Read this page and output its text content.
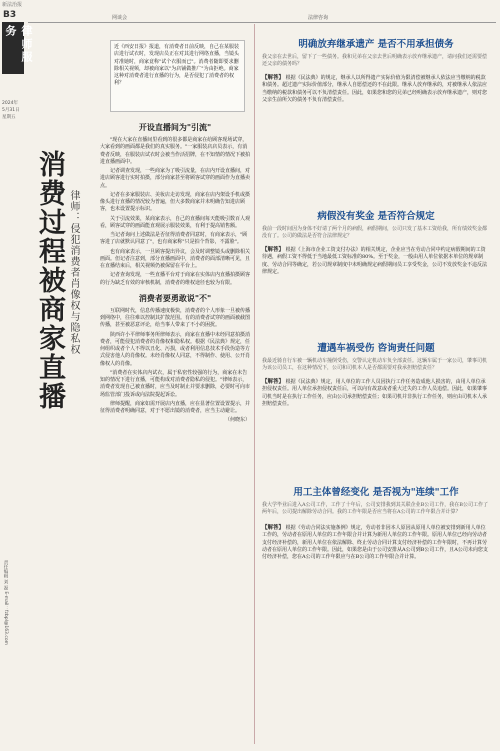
新法治报
B3
律师服务
2024年
5月31日
星期五
网谈会	法律咨询
消费过程被商家直播 律师：侵犯消费者肖像权与隐私权
近《西安日报》报道，有消费者日前反映，自己在某服装店进行试衣时，发现店员正在对其进行网络直播，当镜头对准她时，商家竟称"试个衣服而已"。消费者随即要求删除相关视频，却被商家以"为店铺做推广"为由拒绝。商家这种对消费者进行直播的行为，是否侵犯了消费者的权利？
开设直播间为"引流"

"现在大家在直播间里看到的很多都是商家在给顾客现场试穿，大家看到的画面都是我们的真实服务。"一家服装店店员表示，有消费者反映，在服装店试衣时会被当作活招牌，在不知情的情况下被拍进直播画面中。

记者调查发现，一些商家为了吸引流量，在店内开设直播间，对进店顾客进行实时拍摄，部分商家甚至将顾客试穿的画面作为直播卖点。

记者在多家服装店、美妆店走访发现，商家在店内架设手机或摄像头进行直播的情况较为普遍，但大多数商家并未明确告知进店顾客，也未设置提示标识。

关于引流效果，某商家表示，自己的直播间每天能吸引数百人观看，顾客试穿的画面能直观展示服装效果，有利于提高销售额。

当记者询问上述做法是否征得消费者同意时，有商家表示，"顾客进了店就默认同意了"，也有商家称"只是拍个背影，不露脸"。

也有商家表示，一旦顾客提出异议，会及时调整镜头或删除相关画面。但记者注意到，部分直播画面中，消费者的面部清晰可见，且在直播结束后，相关视频仍被保留在平台上。

记者查询发现，一些直播平台对于商家在实体店内直播拍摄顾客的行为缺乏有效的审核机制，消费者的维权途径也较为有限。

消费者要勇敢说"不"

互联网时代，信息传播速度极快，消费者的个人形象一旦被传播到网络中，往往难以控制其扩散范围。有的消费者试穿的画面被截图传播，甚至被恶意评论，给当事人带来了不小的困扰。

陕西许小平律师事务所律师表示，商家在直播中未经同意拍摄消费者，可能侵犯消费者的肖像权和隐私权。根据《民法典》规定，任何组织或者个人不得以丑化、污损，或者利用信息技术手段伪造等方式侵害他人的肖像权。未经肖像权人同意，不得制作、使用、公开肖像权人的肖像。

"消费者在实体店内试衣，属于私密性较强的行为，商家在未告知的情况下进行直播，可能构成对消费者隐私的侵犯。"律师表示，消费者发现自己被直播时，应当及时制止并要求删除，必要时可向市场监管部门投诉或向法院提起诉讼。

律师提醒，商家如需开展店内直播，应在显著位置设置提示，并征得消费者明确同意，对于不愿出镜的消费者，应当主动避让。

（何晓东）
责任编辑 刘 磊 E-mail：fzbpl@163.com
明确放弃继承遗产 是否不用承担债务
我父亲在去世后，留下了一些债务。我和兄弟在父亲去世后明确表示放弃继承遗产，请问我们还需要偿还父亲的债务吗？
【解答】 根据《民法典》的规定，继承人以所得遗产实际价值为限清偿被继承人依法应当缴纳的税款和债务。超过遗产实际价值部分，继承人自愿偿还的不在此限。继承人放弃继承的，对被继承人依法应当缴纳的税款和债务可以不负清偿责任。因此，如果您和您的兄弟已经明确表示放弃继承遗产，则对您父亲生前所欠的债务不负有清偿责任。
病假没有奖金 是否符合规定
我前一段时间因为身体不好请了两个月的病假，病假期间，公司只发了基本工资给我，所有绩效奖金都没有了。公司的做法是否符合法律规定？
【解答】 根据《上海市企业工资支付办法》的相关规定，企业应当在劳动合同中约定病假期间的工资待遇，病假工资不得低于当地最低工资标准的80%。至于奖金，一般由用人单位依据本单位的规章制度、劳动合同等确定，若公司规章制度中未明确规定病假期间员工享受奖金，公司不发放奖金不违反法律规定。
遭遇车祸受伤 咨询责任问题
我最近骑自行车被一辆机动车撞倒受伤，交警认定机动车负全部责任。这辆车属于一家公司，肇事司机为该公司员工，在这种情况下，公司和司机本人是否都需要对我承担赔偿责任？
【解答】 根据《民法典》规定，用人单位的工作人员因执行工作任务造成他人损害的，由用人单位承担侵权责任。用人单位承担侵权责任后，可以向有故意或者重大过失的工作人员追偿。因此，如果肇事司机当时是在执行工作任务，应由公司承担赔偿责任；如果司机并非执行工作任务，则应由司机本人承担赔偿责任。
用工主体曾经变化 是否视为"连续"工作
我大学毕业后进入A公司工作，工作了十年后，公司安排我到其关联企业B公司工作，我在B公司工作了两年后，公司提出解除劳动合同。我的工作年限是否应当将在A公司的工作年限合并计算？
【解答】 根据《劳动合同法实施条例》规定，劳动者非因本人原因从原用人单位被安排到新用人单位工作的，劳动者在原用人单位的工作年限合并计算为新用人单位的工作年限。原用人单位已经向劳动者支付经济补偿的，新用人单位在依法解除、终止劳动合同计算支付经济补偿的工作年限时，不再计算劳动者在原用人单位的工作年限。因此，如果您是由于公司安排从A公司到B公司工作，且A公司未向您支付经济补偿，您在A公司的工作年限应与在B公司的工作年限合并计算。
